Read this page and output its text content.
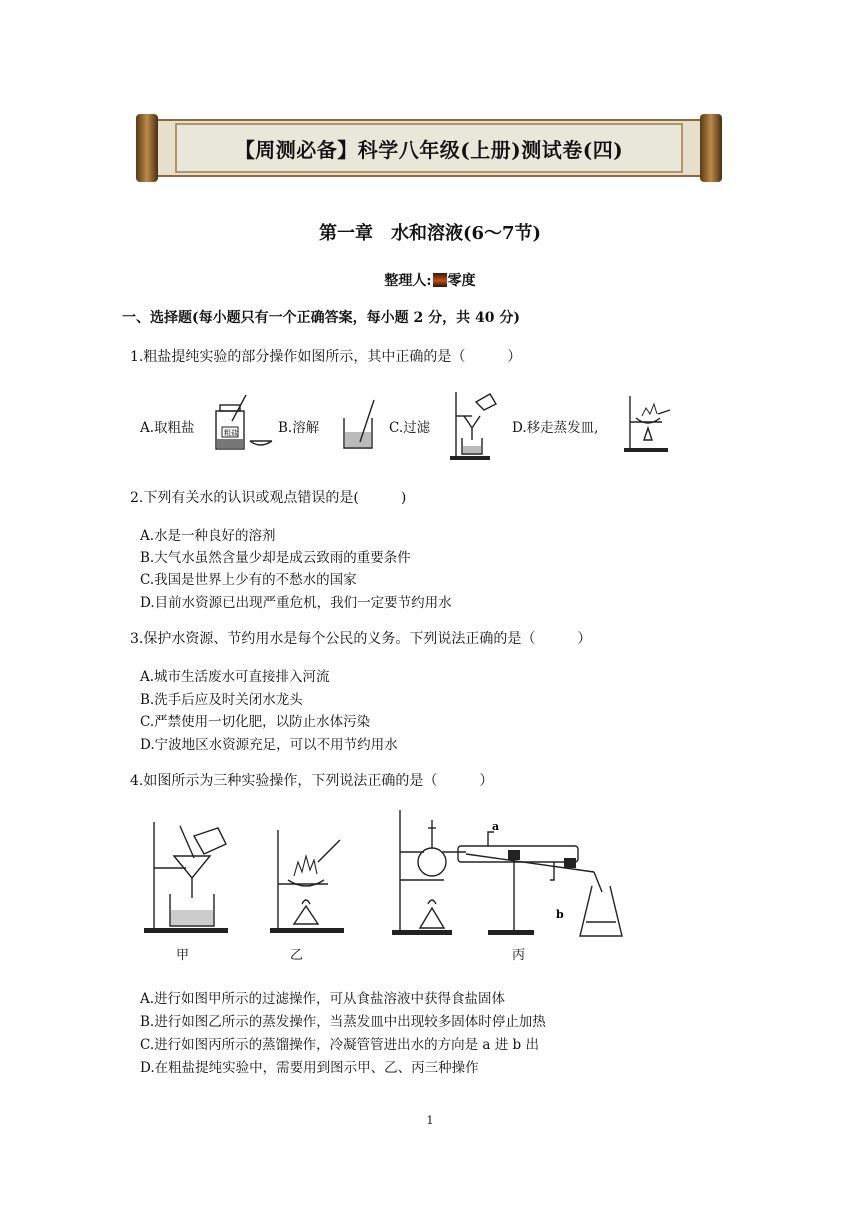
【周测必备】科学八年级(上册)测试卷(四)
第一章　水和溶液(6～7节)
整理人: 零度
一、选择题(每小题只有一个正确答案，每小题 2 分，共 40 分)
1.粗盐提纯实验的部分操作如图所示，其中正确的是（　　　）
A.取粗盐	B.溶解	C.过滤	D.移走蒸发皿,
粗盐
2.下列有关水的认识或观点错误的是(　　　)
A.水是一种良好的溶剂
B.大气水虽然含量少却是成云致雨的重要条件
C.我国是世界上少有的不愁水的国家
D.目前水资源已出现严重危机，我们一定要节约用水
3.保护水资源、节约用水是每个公民的义务。下列说法正确的是（　　　）
A.城市生活废水可直接排入河流
B.洗手后应及时关闭水龙头
C.严禁使用一切化肥，以防止水体污染
D.宁波地区水资源充足，可以不用节约用水
4.如图所示为三种实验操作，下列说法正确的是（　　　）
甲	乙
a
b
丙
A.进行如图甲所示的过滤操作，可从食盐溶液中获得食盐固体
B.进行如图乙所示的蒸发操作，当蒸发皿中出现较多固体时停止加热
C.进行如图丙所示的蒸馏操作，冷凝管管进出水的方向是 a 进 b 出
D.在粗盐提纯实验中，需要用到图示甲、乙、丙三种操作
1
